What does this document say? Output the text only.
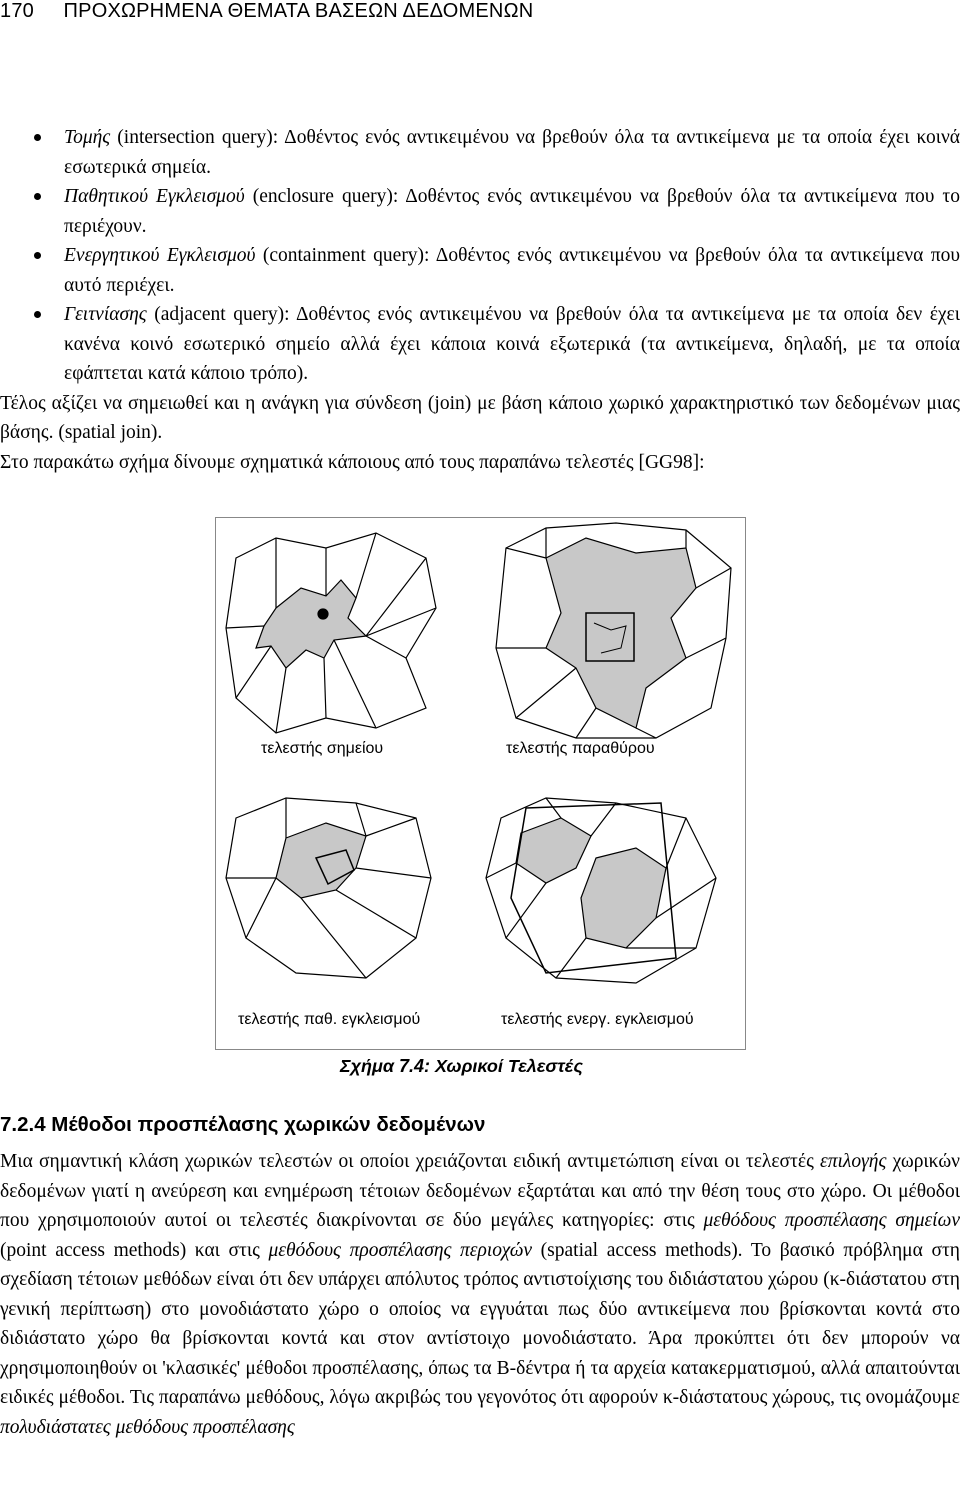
170 ΠΡΟΧΩΡΗΜΕΝΑ ΘΕΜΑΤΑ ΒΑΣΕΩΝ ΔΕΔΟΜΕΝΩΝ
Τομής (intersection query): Δοθέντος ενός αντικειμένου να βρεθούν όλα τα αντικείμενα με τα οποία έχει κοινά εσωτερικά σημεία.
Παθητικού Εγκλεισμού (enclosure query): Δοθέντος ενός αντικειμένου να βρεθούν όλα τα αντικείμενα που το περιέχουν.
Ενεργητικού Εγκλεισμού (containment query): Δοθέντος ενός αντικειμένου να βρεθούν όλα τα αντικείμενα που αυτό περιέχει.
Γειτνίασης (adjacent query): Δοθέντος ενός αντικειμένου να βρεθούν όλα τα αντικείμενα με τα οποία δεν έχει κανένα κοινό εσωτερικό σημείο αλλά έχει κάποια κοινά εξωτερικά (τα αντικείμενα, δηλαδή, με τα οποία εφάπτεται κατά κάποιο τρόπο).
Τέλος αξίζει να σημειωθεί και η ανάγκη για σύνδεση (join) με βάση κάποιο χωρικό χαρακτηριστικό των δεδομένων μιας βάσης. (spatial join).
Στο παρακάτω σχήμα δίνουμε σχηματικά κάποιους από τους παραπάνω τελεστές [GG98]:
τελεστής σημείου	τελεστής παραθύρου
τελεστής παθ. εγκλεισμού	τελεστής ενεργ. εγκλεισμού
Σχήμα 7.4: Χωρικοί Τελεστές
7.2.4 Μέθοδοι προσπέλασης χωρικών δεδομένων
Μια σημαντική κλάση χωρικών τελεστών οι οποίοι χρειάζονται ειδική αντιμετώπιση είναι οι τελεστές επιλογής χωρικών δεδομένων γιατί η ανεύρεση και ενημέρωση τέτοιων δεδομένων εξαρτάται και από την θέση τους στο χώρο. Οι μέθοδοι που χρησιμοποιούν αυτοί οι τελεστές διακρίνονται σε δύο μεγάλες κατηγορίες: στις μεθόδους προσπέλασης σημείων (point access methods) και στις μεθόδους προσπέλασης περιοχών (spatial access methods). Το βασικό πρόβλημα στη σχεδίαση τέτοιων μεθόδων είναι ότι δεν υπάρχει απόλυτος τρόπος αντιστοίχισης του διδιάστατου χώρου (κ-διάστατου στη γενική περίπτωση) στο μονοδιάστατο χώρο ο οποίος να εγγυάται πως δύο αντικείμενα που βρίσκονται κοντά στο διδιάστατο χώρο θα βρίσκονται κοντά και στον αντίστοιχο μονοδιάστατο. Άρα προκύπτει ότι δεν μπορούν να χρησιμοποιηθούν οι 'κλασικές' μέθοδοι προσπέλασης, όπως τα B-δέντρα ή τα αρχεία κατακερματισμού, αλλά απαιτούνται ειδικές μέθοδοι. Τις παραπάνω μεθόδους, λόγω ακριβώς του γεγονότος ότι αφορούν κ-διάστατους χώρους, τις ονομάζουμε πολυδιάστατες μεθόδους προσπέλασης
